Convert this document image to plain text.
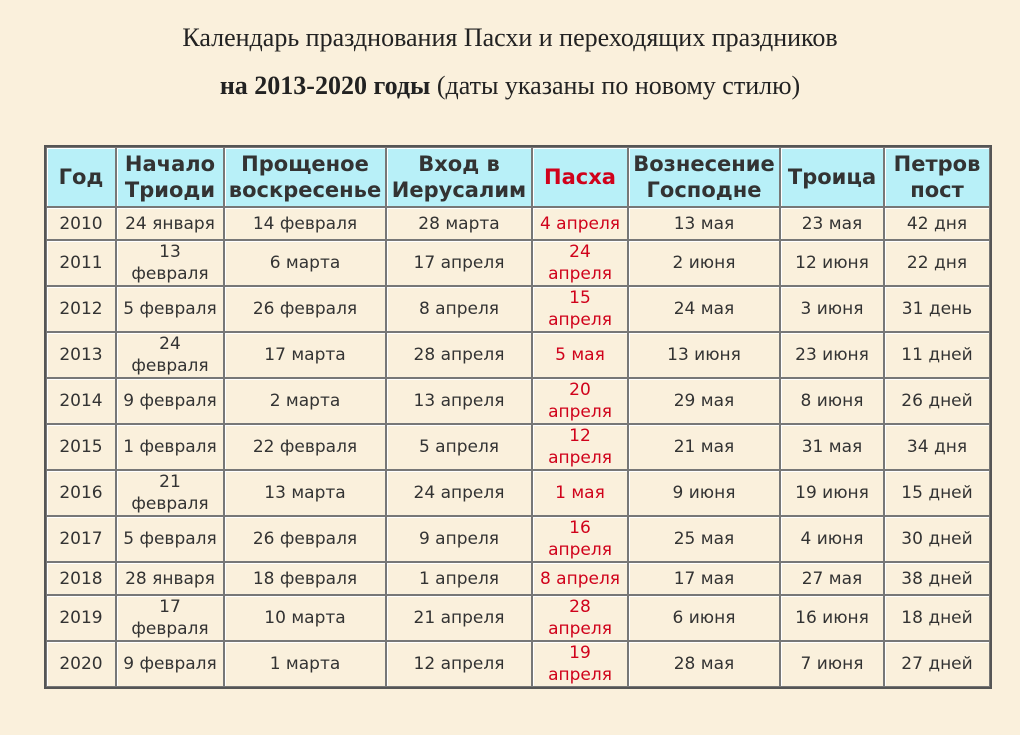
Календарь празднования Пасхи и переходящих праздников

на 2013-2020 годы (даты указаны по новому стилю)

Год	Начало Триоди	Прощеное воскресенье	Вход в Иерусалим	Пасха	Вознесение Господне	Троица	Петров пост
2010	24 января	14 февраля	28 марта	4 апреля	13 мая	23 мая	42 дня
2011	13 февраля	6 марта	17 апреля	24 апреля	2 июня	12 июня	22 дня
2012	5 февраля	26 февраля	8 апреля	15 апреля	24 мая	3 июня	31 день
2013	24 февраля	17 марта	28 апреля	5 мая	13 июня	23 июня	11 дней
2014	9 февраля	2 марта	13 апреля	20 апреля	29 мая	8 июня	26 дней
2015	1 февраля	22 февраля	5 апреля	12 апреля	21 мая	31 мая	34 дня
2016	21 февраля	13 марта	24 апреля	1 мая	9 июня	19 июня	15 дней
2017	5 февраля	26 февраля	9 апреля	16 апреля	25 мая	4 июня	30 дней
2018	28 января	18 февраля	1 апреля	8 апреля	17 мая	27 мая	38 дней
2019	17 февраля	10 марта	21 апреля	28 апреля	6 июня	16 июня	18 дней
2020	9 февраля	1 марта	12 апреля	19 апреля	28 мая	7 июня	27 дней
